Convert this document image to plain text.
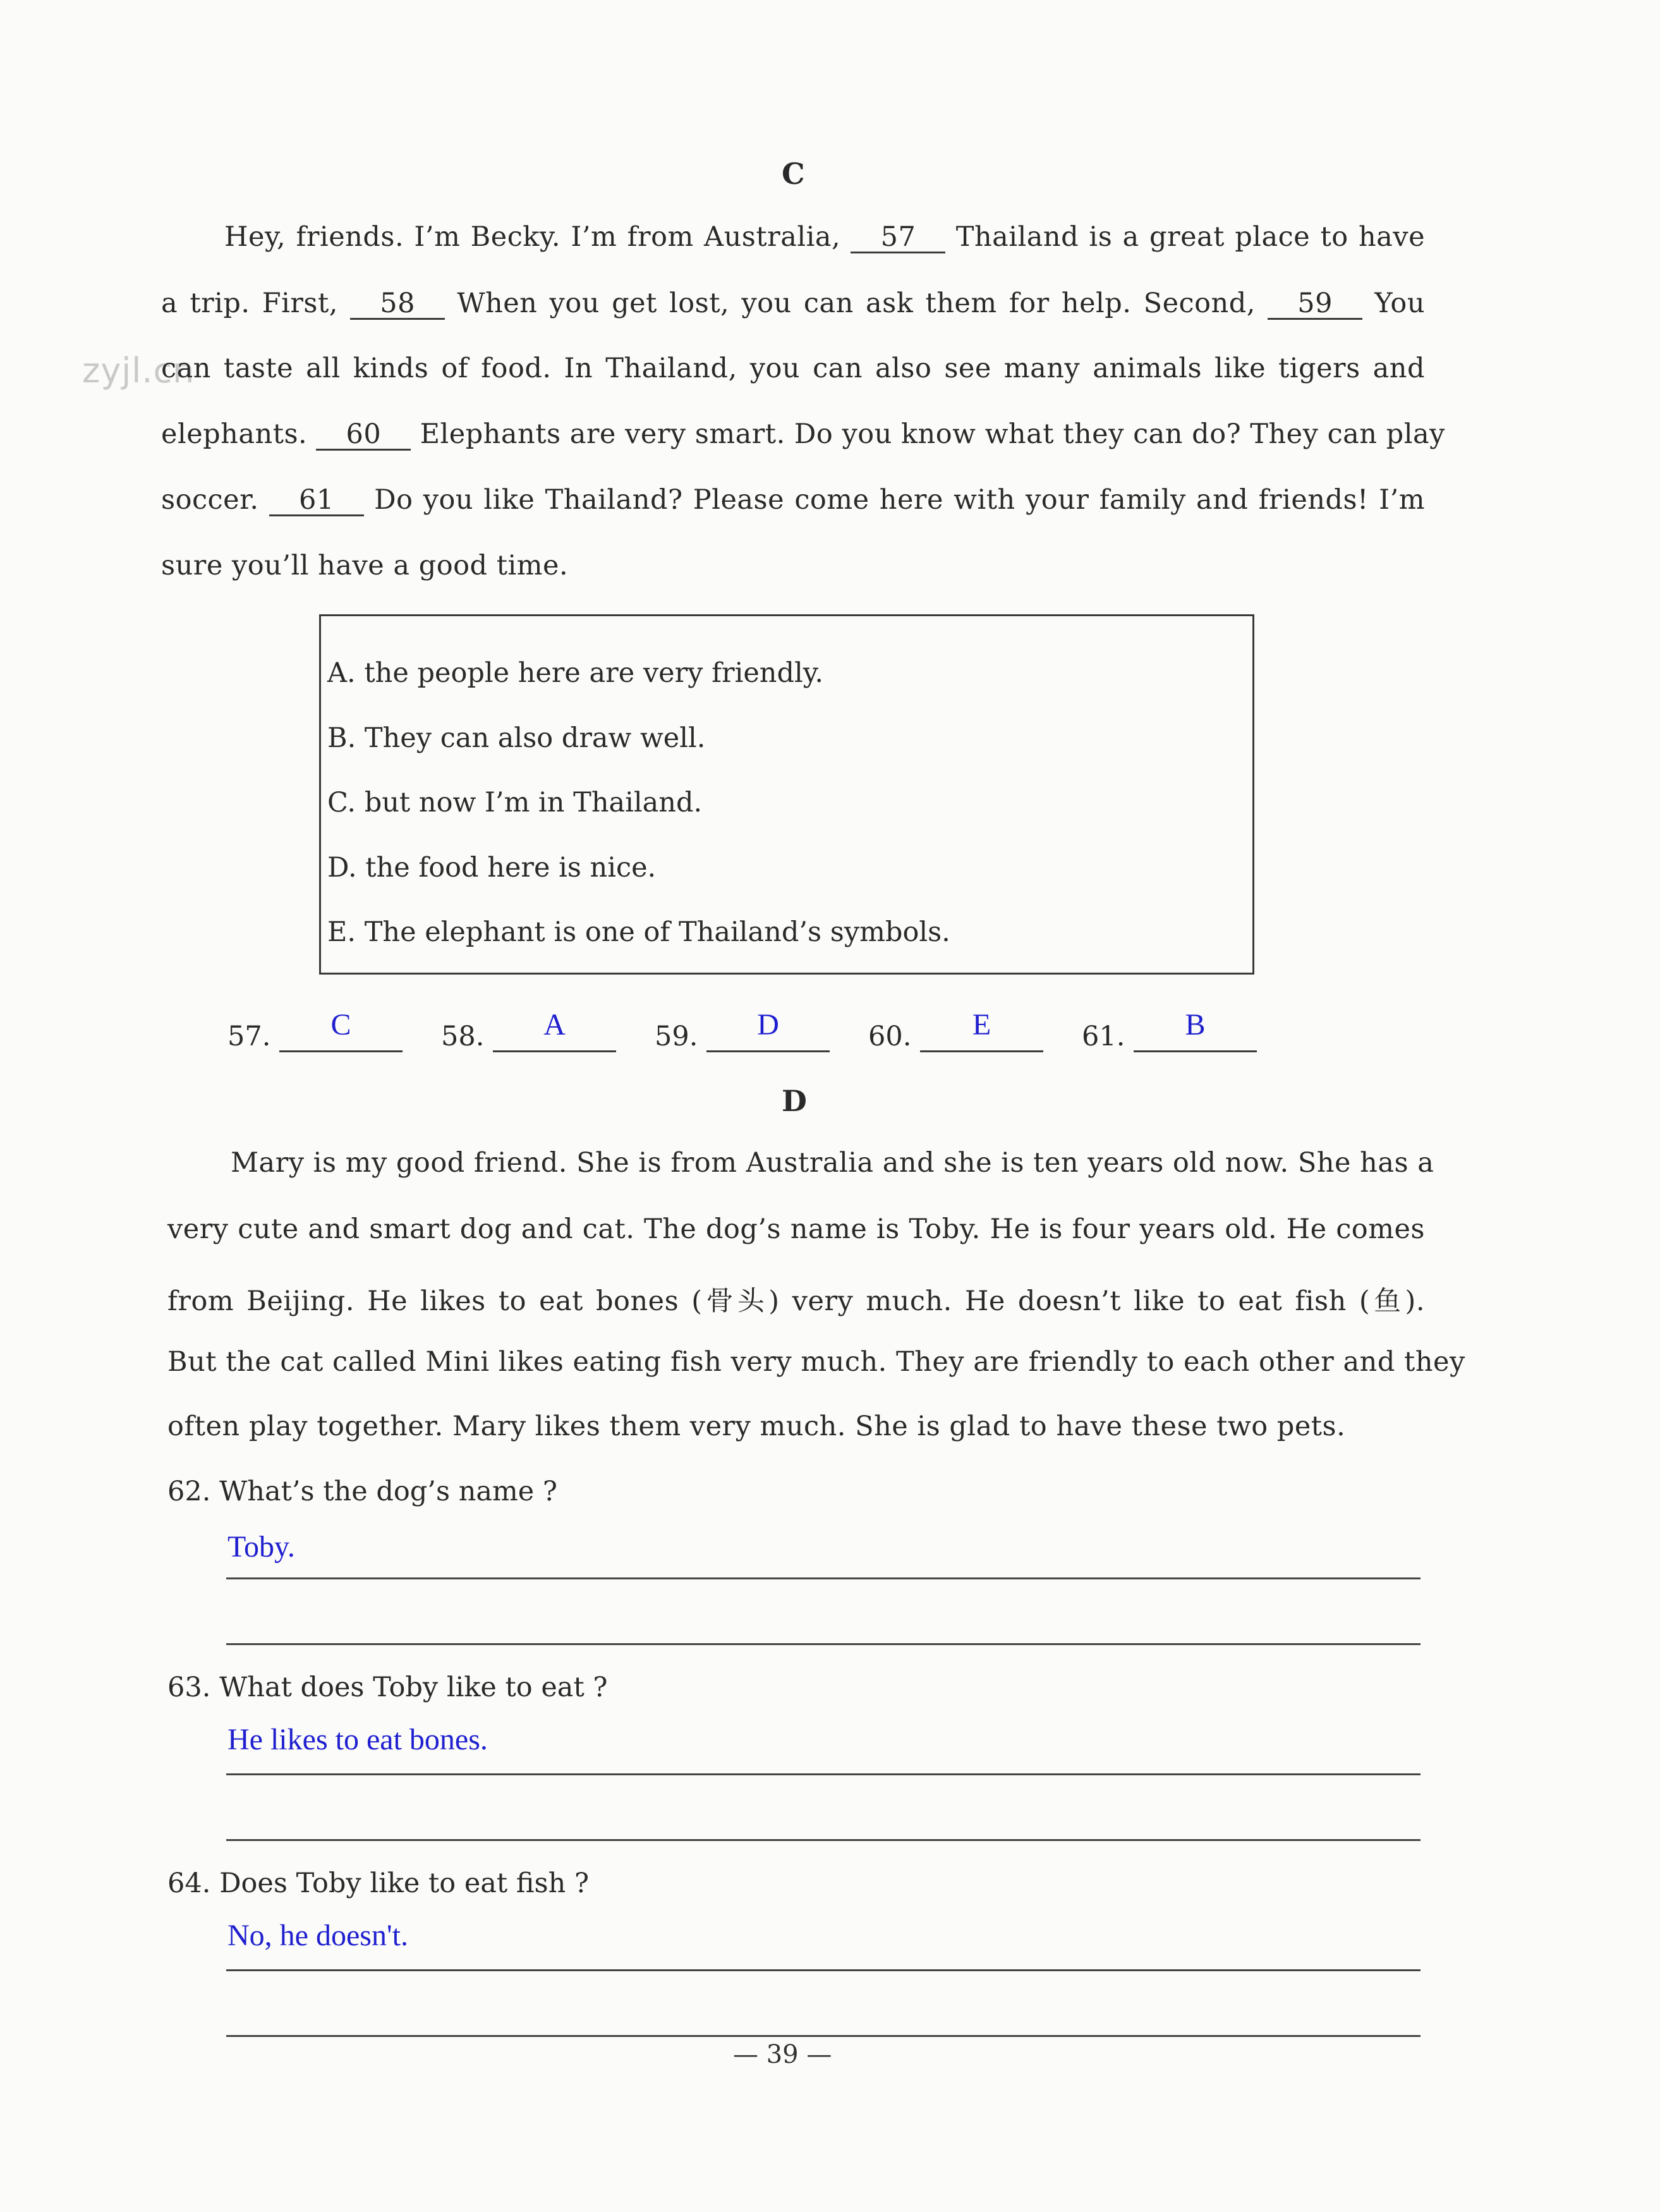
zyjl.cn
C
Hey, friends. I’m Becky. I’m from Australia, 57 Thailand is a great place to have
a trip. First, 58 When you get lost, you can ask them for help. Second, 59 You
can taste all kinds of food. In Thailand, you can also see many animals like tigers and
elephants. 60 Elephants are very smart. Do you know what they can do? They can play
soccer. 61 Do you like Thailand? Please come here with your family and friends! I’m
sure you’ll have a good time.
A. the people here are very friendly.
B. They can also draw well.
C. but now I’m in Thailand.
D. the food here is nice.
E. The elephant is one of Thailand’s symbols.
57.	C	58.	A	59.	D	60.	E	61.	B
D
Mary is my good friend. She is from Australia and she is ten years old now. She has a
very cute and smart dog and cat. The dog’s name is Toby. He is four years old. He comes
from Beijing. He likes to eat bones (骨头) very much. He doesn’t like to eat fish (鱼).
But the cat called Mini likes eating fish very much. They are friendly to each other and they
often play together. Mary likes them very much. She is glad to have these two pets.
62. What’s the dog’s name ?
Toby.
63. What does Toby like to eat ?
He likes to eat bones.
64. Does Toby like to eat fish ?
No, he doesn't.
— 39 —
